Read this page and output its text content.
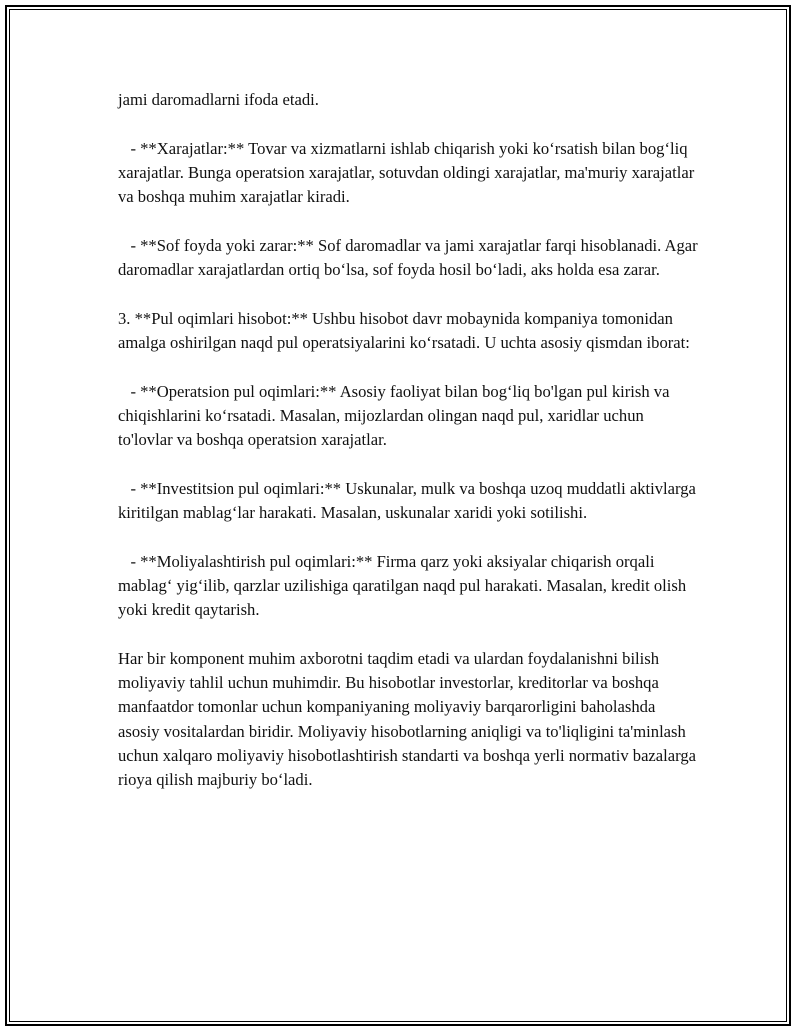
jami daromadlarni ifoda etadi.

- **Xarajatlar:** Tovar va xizmatlarni ishlab chiqarish yoki ko‘rsatish bilan bog‘liq xarajatlar. Bunga operatsion xarajatlar, sotuvdan oldingi xarajatlar, ma'muriy xarajatlar va boshqa muhim xarajatlar kiradi.

- **Sof foyda yoki zarar:** Sof daromadlar va jami xarajatlar farqi hisoblanadi. Agar daromadlar xarajatlardan ortiq bo‘lsa, sof foyda hosil bo‘ladi, aks holda esa zarar.

3. **Pul oqimlari hisobot:** Ushbu hisobot davr mobaynida kompaniya tomonidan amalga oshirilgan naqd pul operatsiyalarini ko‘rsatadi. U uchta asosiy qismdan iborat:

- **Operatsion pul oqimlari:** Asosiy faoliyat bilan bog‘liq bo'lgan pul kirish va chiqishlarini ko‘rsatadi. Masalan, mijozlardan olingan naqd pul, xaridlar uchun to'lovlar va boshqa operatsion xarajatlar.

- **Investitsion pul oqimlari:** Uskunalar, mulk va boshqa uzoq muddatli aktivlarga kiritilgan mablag‘lar harakati. Masalan, uskunalar xaridi yoki sotilishi.

- **Moliyalashtirish pul oqimlari:** Firma qarz yoki aksiyalar chiqarish orqali mablag‘ yig‘ilib, qarzlar uzilishiga qaratilgan naqd pul harakati. Masalan, kredit olish yoki kredit qaytarish.

Har bir komponent muhim axborotni taqdim etadi va ulardan foydalanishni bilish moliyaviy tahlil uchun muhimdir. Bu hisobotlar investorlar, kreditorlar va boshqa manfaatdor tomonlar uchun kompaniyaning moliyaviy barqarorligini baholashda asosiy vositalardan biridir. Moliyaviy hisobotlarning aniqligi va to'liqligini ta'minlash uchun xalqaro moliyaviy hisobotlashtirish standarti va boshqa yerli normativ bazalarga rioya qilish majburiy bo‘ladi.
